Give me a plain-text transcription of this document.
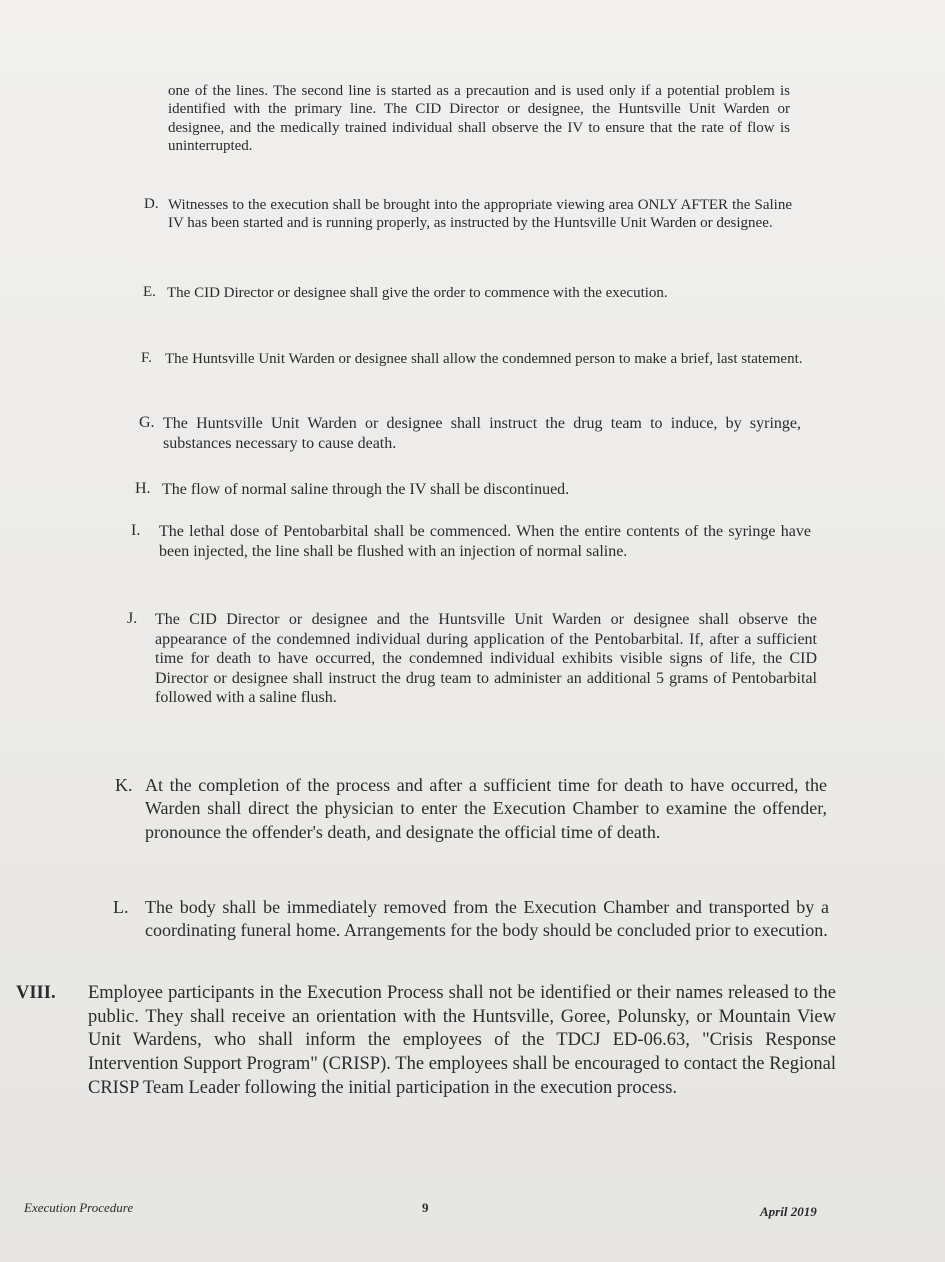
one of the lines. The second line is started as a precaution and is used only if a potential problem is identified with the primary line. The CID Director or designee, the Huntsville Unit Warden or designee, and the medically trained individual shall observe the IV to ensure that the rate of flow is uninterrupted.
D. Witnesses to the execution shall be brought into the appropriate viewing area ONLY AFTER the Saline IV has been started and is running properly, as instructed by the Huntsville Unit Warden or designee.
E. The CID Director or designee shall give the order to commence with the execution.
F. The Huntsville Unit Warden or designee shall allow the condemned person to make a brief, last statement.
G. The Huntsville Unit Warden or designee shall instruct the drug team to induce, by syringe, substances necessary to cause death.
H. The flow of normal saline through the IV shall be discontinued.
I. The lethal dose of Pentobarbital shall be commenced. When the entire contents of the syringe have been injected, the line shall be flushed with an injection of normal saline.
J. The CID Director or designee and the Huntsville Unit Warden or designee shall observe the appearance of the condemned individual during application of the Pentobarbital. If, after a sufficient time for death to have occurred, the condemned individual exhibits visible signs of life, the CID Director or designee shall instruct the drug team to administer an additional 5 grams of Pentobarbital followed with a saline flush.
K. At the completion of the process and after a sufficient time for death to have occurred, the Warden shall direct the physician to enter the Execution Chamber to examine the offender, pronounce the offender's death, and designate the official time of death.
L. The body shall be immediately removed from the Execution Chamber and transported by a coordinating funeral home. Arrangements for the body should be concluded prior to execution.
VIII. Employee participants in the Execution Process shall not be identified or their names released to the public. They shall receive an orientation with the Huntsville, Goree, Polunsky, or Mountain View Unit Wardens, who shall inform the employees of the TDCJ ED-06.63, "Crisis Response Intervention Support Program" (CRISP). The employees shall be encouraged to contact the Regional CRISP Team Leader following the initial participation in the execution process.
Execution Procedure	9	April 2019
